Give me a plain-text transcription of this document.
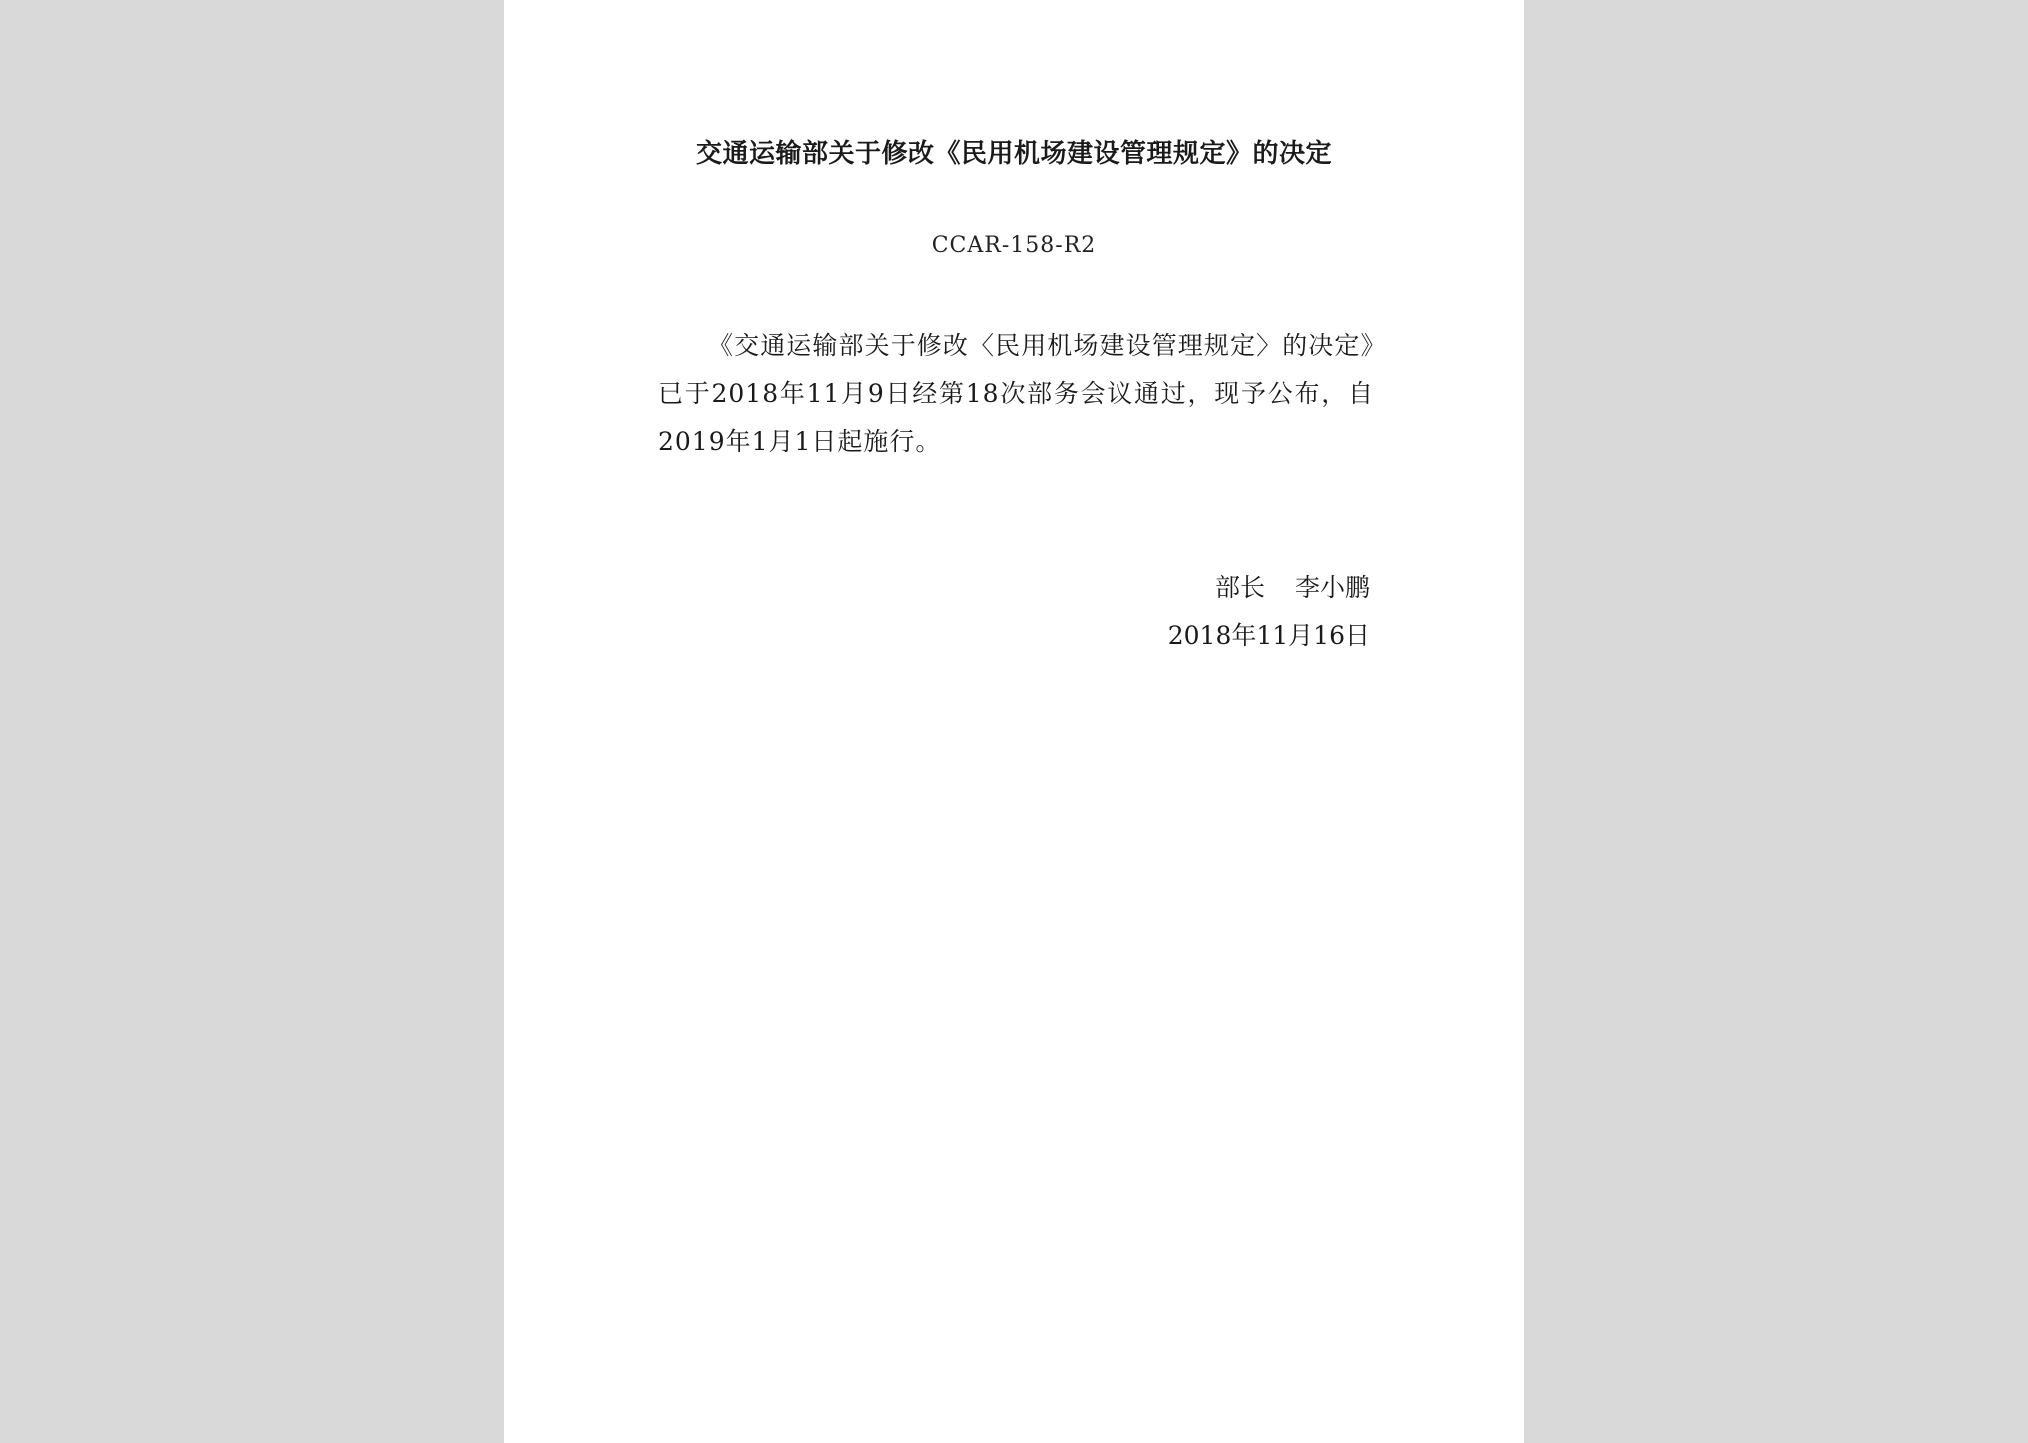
交通运输部关于修改《民用机场建设管理规定》的决定
CCAR-158-R2
《交通运输部关于修改〈民用机场建设管理规定〉的决定》已于2018年11月9日经第18次部务会议通过，现予公布，自2019年1月1日起施行。
部长 李小鹏
2018年11月16日
